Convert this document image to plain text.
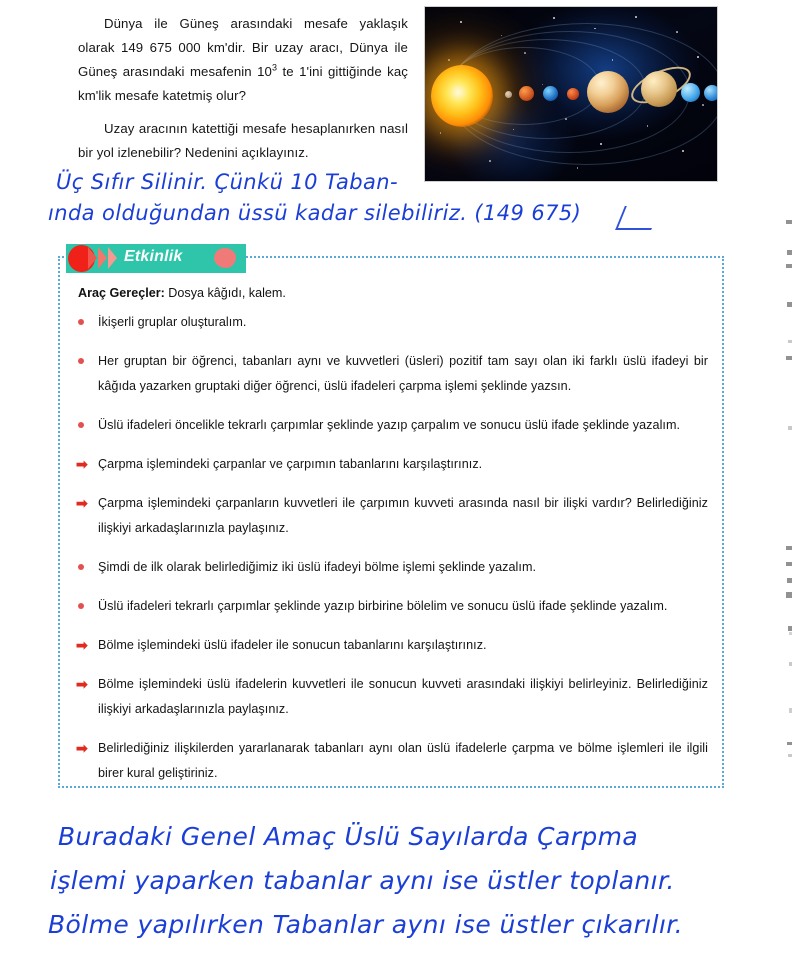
Dünya ile Güneş arasındaki mesafe yaklaşık olarak 149 675 000 km'dir. Bir uzay aracı, Dünya ile Güneş arasındaki mesafenin $10^3$ te 1'ini gittiğinde kaç km'lik mesafe katetmiş olur?

Uzay aracının katettiği mesafe hesaplanırken nasıl bir yol izlenebilir? Nedenini açıklayınız.

Üç Sıfır Silinir. Çünkü 10 Taban-
ında olduğundan üssü kadar silebiliriz. (149 675)
Etkinlik
Araç Gereçler: Dosya kâğıdı, kalem.
İkişerli gruplar oluşturalım.
Her gruptan bir öğrenci, tabanları aynı ve kuvvetleri (üsleri) pozitif tam sayı olan iki farklı üslü ifadeyi bir kâğıda yazarken gruptaki diğer öğrenci, üslü ifadeleri çarpma işlemi şeklinde yazsın.
Üslü ifadeleri öncelikle tekrarlı çarpımlar şeklinde yazıp çarpalım ve sonucu üslü ifade şeklinde yazalım.
➡ Çarpma işlemindeki çarpanlar ve çarpımın tabanlarını karşılaştırınız.
➡ Çarpma işlemindeki çarpanların kuvvetleri ile çarpımın kuvveti arasında nasıl bir ilişki vardır? Belirlediğiniz ilişkiyi arkadaşlarınızla paylaşınız.
Şimdi de ilk olarak belirlediğimiz iki üslü ifadeyi bölme işlemi şeklinde yazalım.
Üslü ifadeleri tekrarlı çarpımlar şeklinde yazıp birbirine bölelim ve sonucu üslü ifade şeklinde yazalım.
➡ Bölme işlemindeki üslü ifadeler ile sonucun tabanlarını karşılaştırınız.
➡ Bölme işlemindeki üslü ifadelerin kuvvetleri ile sonucun kuvveti arasındaki ilişkiyi belirleyiniz. Belirlediğiniz ilişkiyi arkadaşlarınızla paylaşınız.
➡ Belirlediğiniz ilişkilerden yararlanarak tabanları aynı olan üslü ifadelerle çarpma ve bölme işlemleri ile ilgili birer kural geliştiriniz.
Buradaki Genel Amaç Üslü Sayılarda Çarpma
işlemi yaparken tabanlar aynı ise üstler toplanır.
Bölme yapılırken Tabanlar aynı ise üstler çıkarılır.
